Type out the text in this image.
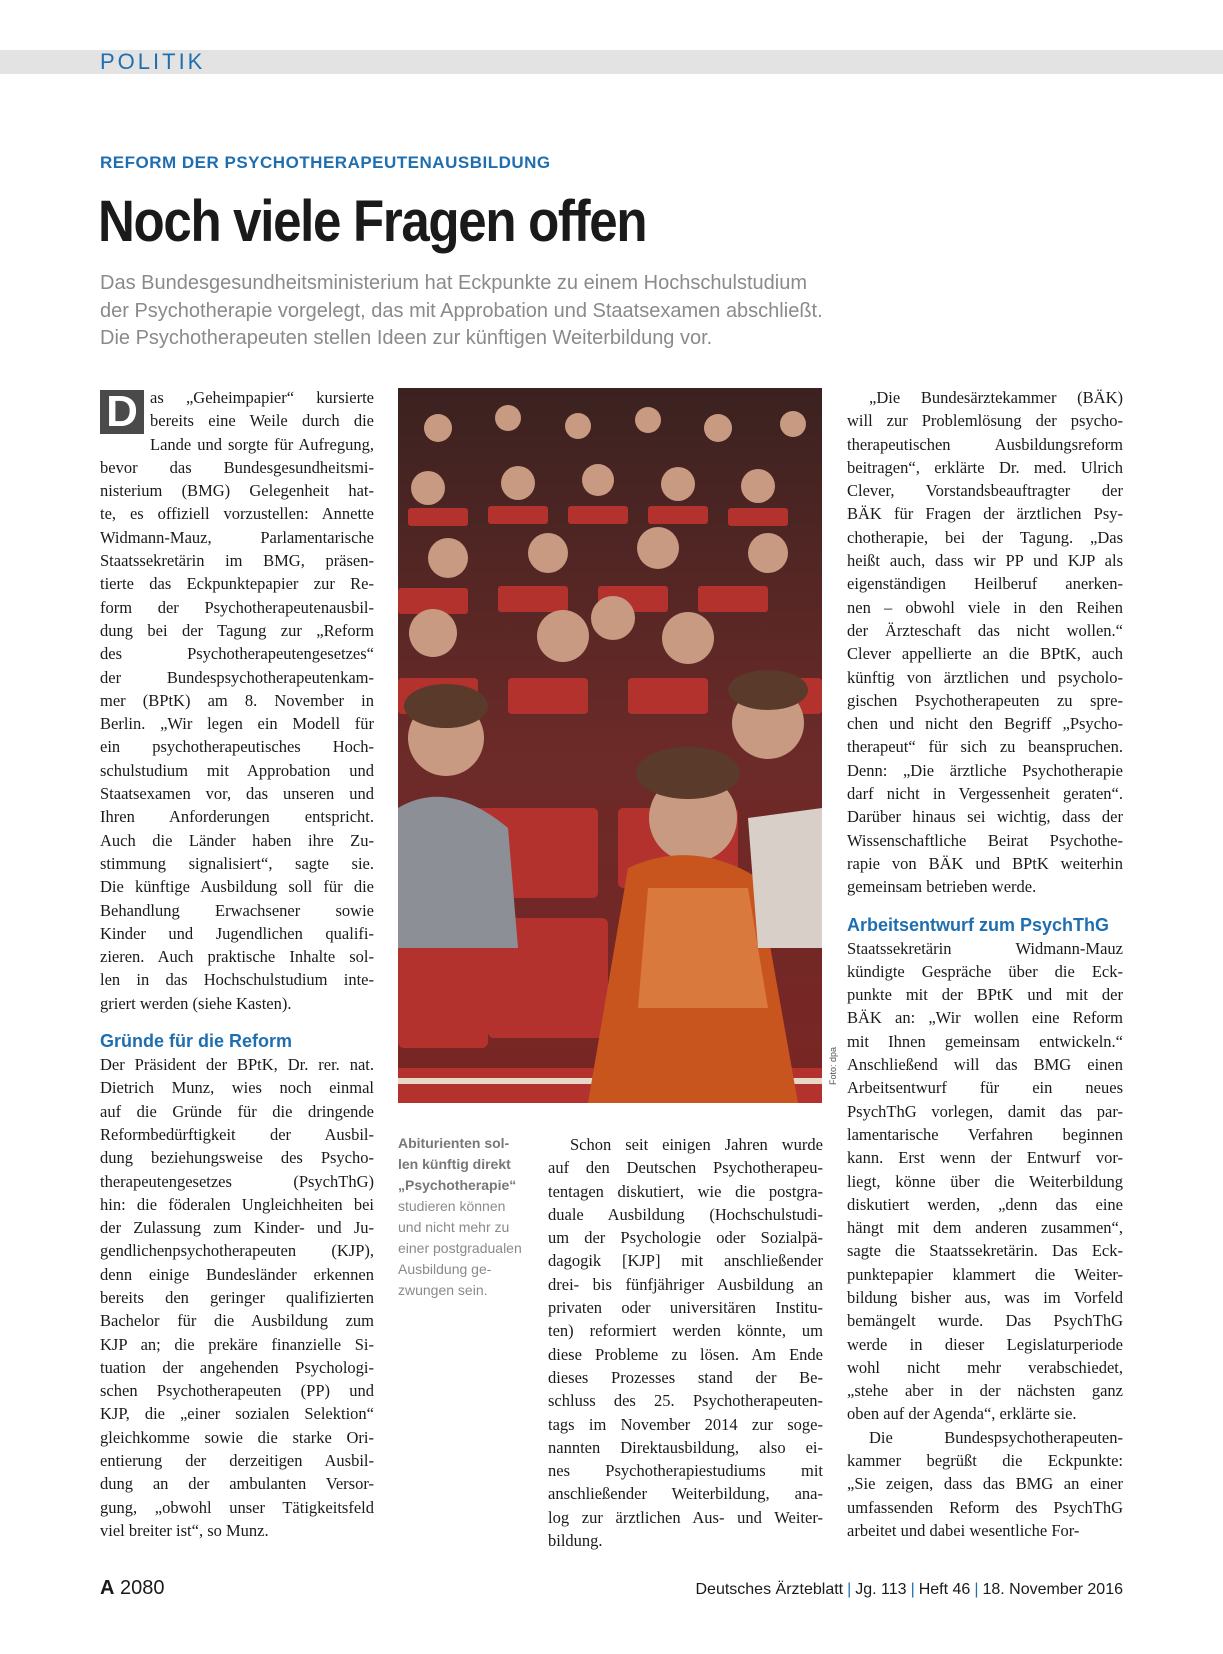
POLITIK
REFORM DER PSYCHOTHERAPEUTENAUSBILDUNG
Noch viele Fragen offen
Das Bundesgesundheitsministerium hat Eckpunkte zu einem Hochschulstudium
der Psychotherapie vorgelegt, das mit Approbation und Staatsexamen abschließt.
Die Psychotherapeuten stellen Ideen zur künftigen Weiterbildung vor.
D as „Geheimpapier“ kursierte
bereits eine Weile durch die
Lande und sorgte für Aufregung,
bevor das Bundesgesundheitsmi-
nisterium (BMG) Gelegenheit hat-
te, es offiziell vorzustellen: Annette
Widmann-Mauz, Parlamentarische
Staatssekretärin im BMG, präsen-
tierte das Eckpunktepapier zur Re-
form der Psychotherapeutenausbil-
dung bei der Tagung zur „Reform
des Psychotherapeutengesetzes“
der Bundespsychotherapeutenkam-
mer (BPtK) am 8. November in
Berlin. „Wir legen ein Modell für
ein psychotherapeutisches Hoch-
schulstudium mit Approbation und
Staatsexamen vor, das unseren und
Ihren Anforderungen entspricht.
Auch die Länder haben ihre Zu-
stimmung signalisiert“, sagte sie.
Die künftige Ausbildung soll für die
Behandlung Erwachsener sowie
Kinder und Jugendlichen qualifi-
zieren. Auch praktische Inhalte sol-
len in das Hochschulstudium inte-
griert werden (siehe Kasten).
Gründe für die Reform
Der Präsident der BPtK, Dr. rer. nat.
Dietrich Munz, wies noch einmal
auf die Gründe für die dringende
Reformbedürftigkeit der Ausbil-
dung beziehungsweise des Psycho-
therapeutengesetzes (PsychThG)
hin: die föderalen Ungleichheiten bei
der Zulassung zum Kinder- und Ju-
gendlichenpsychotherapeuten (KJP),
denn einige Bundesländer erkennen
bereits den geringer qualifizierten
Bachelor für die Ausbildung zum
KJP an; die prekäre finanzielle Si-
tuation der angehenden Psychologi-
schen Psychotherapeuten (PP) und
KJP, die „einer sozialen Selektion“
gleichkomme sowie die starke Ori-
entierung der derzeitigen Ausbil-
dung an der ambulanten Versor-
gung, „obwohl unser Tätigkeitsfeld
viel breiter ist“, so Munz.
Foto: dpa
Abiturienten sol-
len künftig direkt
„Psychotherapie“
studieren können
und nicht mehr zu
einer postgradualen
Ausbildung ge-
zwungen sein.
Schon seit einigen Jahren wurde
auf den Deutschen Psychotherapeu-
tentagen diskutiert, wie die postgra-
duale Ausbildung (Hochschulstudi-
um der Psychologie oder Sozialpä-
dagogik [KJP] mit anschließender
drei- bis fünfjähriger Ausbildung an
privaten oder universitären Institu-
ten) reformiert werden könnte, um
diese Probleme zu lösen. Am Ende
dieses Prozesses stand der Be-
schluss des 25. Psychotherapeuten-
tags im November 2014 zur soge-
nannten Direktausbildung, also ei-
nes Psychotherapiestudiums mit
anschließender Weiterbildung, ana-
log zur ärztlichen Aus- und Weiter-
bildung.
„Die Bundesärztekammer (BÄK)
will zur Problemlösung der psycho-
therapeutischen Ausbildungsreform
beitragen“, erklärte Dr. med. Ulrich
Clever, Vorstandsbeauftragter der
BÄK für Fragen der ärztlichen Psy-
chotherapie, bei der Tagung. „Das
heißt auch, dass wir PP und KJP als
eigenständigen Heilberuf anerken-
nen – obwohl viele in den Reihen
der Ärzteschaft das nicht wollen.“
Clever appellierte an die BPtK, auch
künftig von ärztlichen und psycholo-
gischen Psychotherapeuten zu spre-
chen und nicht den Begriff „Psycho-
therapeut“ für sich zu beanspruchen.
Denn: „Die ärztliche Psychotherapie
darf nicht in Vergessenheit geraten“.
Darüber hinaus sei wichtig, dass der
Wissenschaftliche Beirat Psychothe-
rapie von BÄK und BPtK weiterhin
gemeinsam betrieben werde.
Arbeitsentwurf zum PsychThG
Staatssekretärin Widmann-Mauz
kündigte Gespräche über die Eck-
punkte mit der BPtK und mit der
BÄK an: „Wir wollen eine Reform
mit Ihnen gemeinsam entwickeln.“
Anschließend will das BMG einen
Arbeitsentwurf für ein neues
PsychThG vorlegen, damit das par-
lamentarische Verfahren beginnen
kann. Erst wenn der Entwurf vor-
liegt, könne über die Weiterbildung
diskutiert werden, „denn das eine
hängt mit dem anderen zusammen“,
sagte die Staatssekretärin. Das Eck-
punktepapier klammert die Weiter-
bildung bisher aus, was im Vorfeld
bemängelt wurde. Das PsychThG
werde in dieser Legislaturperiode
wohl nicht mehr verabschiedet,
„stehe aber in der nächsten ganz
oben auf der Agenda“, erklärte sie.
Die Bundespsychotherapeuten-
kammer begrüßt die Eckpunkte:
„Sie zeigen, dass das BMG an einer
umfassenden Reform des PsychThG
arbeitet und dabei wesentliche For-
A 2080	Deutsches Ärzteblatt | Jg. 113 | Heft 46 | 18. November 2016
